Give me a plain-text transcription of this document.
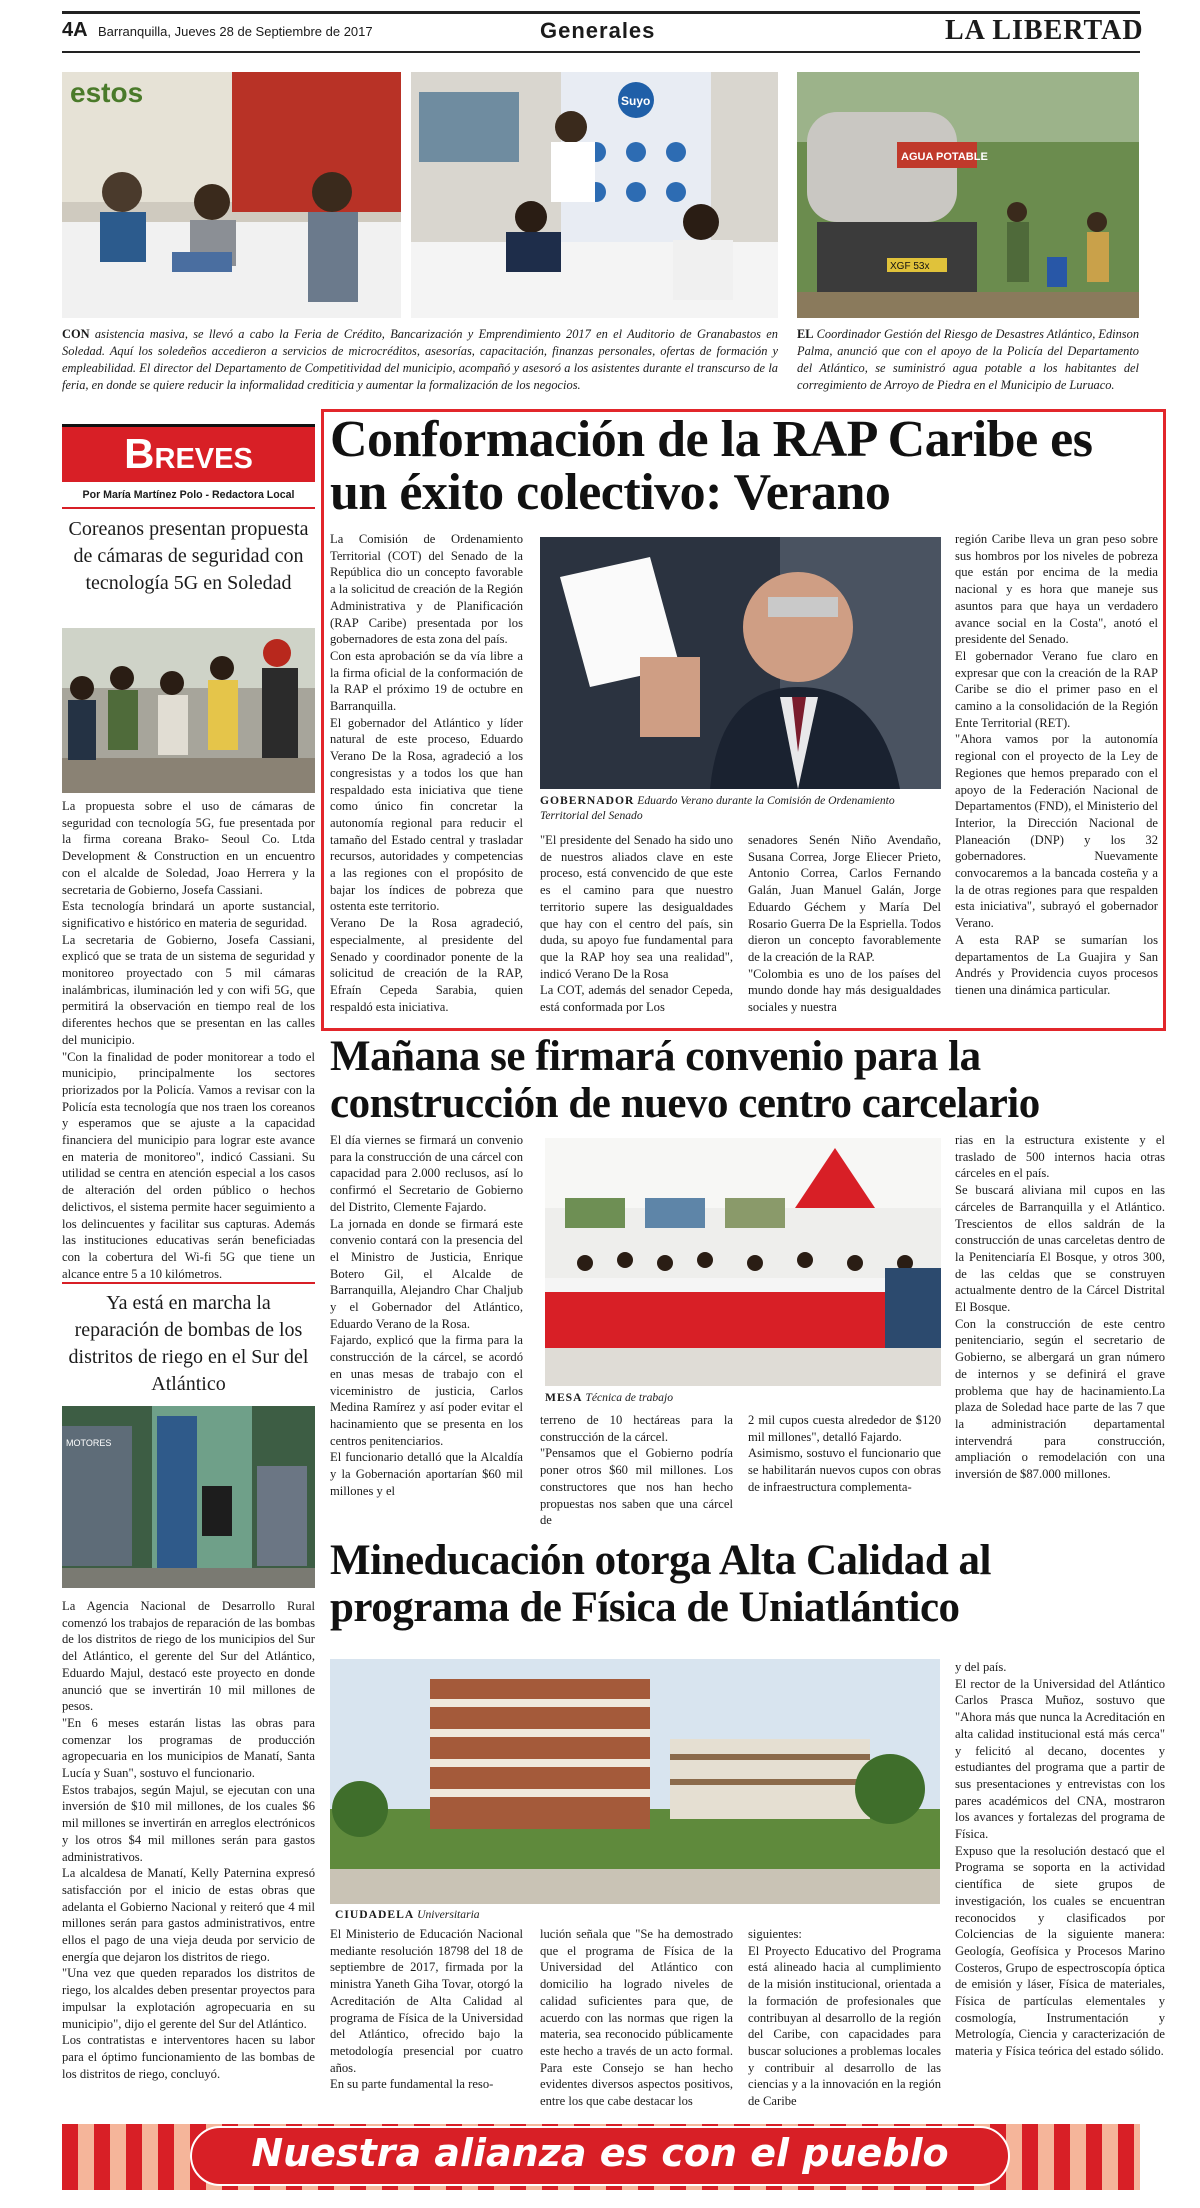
4A Barranquilla, Jueves 28 de Septiembre de 2017	Generales	LA LIBERTAD
estos	Suyo
AGUA POTABLE
XGF 53x
CON asistencia masiva, se llevó a cabo la Feria de Crédito, Bancarización y Emprendimiento 2017 en el Auditorio de Granabastos en Soledad. Aquí los soledeños accedieron a servicios de microcréditos, asesorías, capacitación, finanzas personales, ofertas de formación y empleabilidad. El director del Departamento de Competitividad del municipio, acompañó y asesoró a los asistentes durante el transcurso de la feria, en donde se quiere reducir la informalidad crediticia y aumentar la formalización de los negocios.
EL Coordinador Gestión del Riesgo de Desastres Atlántico, Edinson Palma, anunció que con el apoyo de la Policía del Departamento del Atlántico, se suministró agua potable a los habitantes del corregimiento de Arroyo de Piedra en el Municipio de Luruaco.
Breves
Por María Martínez Polo - Redactora Local
Coreanos presentan propuesta de cámaras de seguridad con tecnología 5G en Soledad
La propuesta sobre el uso de cámaras de seguridad con tecnología 5G, fue presentada por la firma coreana Brako- Seoul Co. Ltda Development & Construction en un encuentro con el alcalde de Soledad, Joao Herrera y la secretaria de Gobierno, Josefa Cassiani.
Esta tecnología brindará un aporte sustancial, significativo e histórico en materia de seguridad.
La secretaria de Gobierno, Josefa Cassiani, explicó que se trata de un sistema de seguridad y monitoreo proyectado con 5 mil cámaras inalámbricas, iluminación led y con wifi 5G, que permitirá la observación en tiempo real de los diferentes hechos que se presentan en las calles del municipio.
"Con la finalidad de poder monitorear a todo el municipio, principalmente los sectores priorizados por la Policía. Vamos a revisar con la Policía esta tecnología que nos traen los coreanos y esperamos que se ajuste a la capacidad financiera del municipio para lograr este avance en materia de monitoreo", indicó Cassiani. Su utilidad se centra en atención especial a los casos de alteración del orden público o hechos delictivos, el sistema permite hacer seguimiento a los delincuentes y facilitar sus capturas. Además las instituciones educativas serán beneficiadas con la cobertura del Wi-fi 5G que tiene un alcance entre 5 a 10 kilómetros.
Ya está en marcha la reparación de bombas de los distritos de riego en el Sur del Atlántico
MOTORES
La Agencia Nacional de Desarrollo Rural comenzó los trabajos de reparación de las bombas de los distritos de riego de los municipios del Sur del Atlántico, el gerente del Sur del Atlántico, Eduardo Majul, destacó este proyecto en donde anunció que se invertirán 10 mil millones de pesos.
"En 6 meses estarán listas las obras para comenzar los programas de producción agropecuaria en los municipios de Manatí, Santa Lucía y Suan", sostuvo el funcionario.
Estos trabajos, según Majul, se ejecutan con una inversión de $10 mil millones, de los cuales $6 mil millones se invertirán en arreglos electrónicos y los otros $4 mil millones serán para gastos administrativos.
La alcaldesa de Manatí, Kelly Paternina expresó satisfacción por el inicio de estas obras que adelanta el Gobierno Nacional y reiteró que 4 mil millones serán para gastos administrativos, entre ellos el pago de una vieja deuda por servicio de energía que dejaron los distritos de riego.
"Una vez que queden reparados los distritos de riego, los alcaldes deben presentar proyectos para impulsar la explotación agropecuaria en su municipio", dijo el gerente del Sur del Atlántico.
Los contratistas e interventores hacen su labor para el óptimo funcionamiento de las bombas de los distritos de riego, concluyó.
Conformación de la RAP Caribe es un éxito colectivo: Verano
La Comisión de Ordenamiento Territorial (COT) del Senado de la República dio un concepto favorable a la solicitud de creación de la Región Administrativa y de Planificación (RAP Caribe) presentada por los gobernadores de esta zona del país.
Con esta aprobación se da vía libre a la firma oficial de la conformación de la RAP el próximo 19 de octubre en Barranquilla.
El gobernador del Atlántico y líder natural de este proceso, Eduardo Verano De la Rosa, agradeció a los congresistas y a todos los que han respaldado esta iniciativa que tiene como único fin concretar la autonomía regional para reducir el tamaño del Estado central y trasladar recursos, autoridades y competencias a las regiones con el propósito de bajar los índices de pobreza que ostenta este territorio.
Verano De la Rosa agradeció, especialmente, al presidente del Senado y coordinador ponente de la solicitud de creación de la RAP, Efraín Cepeda Sarabia, quien respaldó esta iniciativa.
GOBERNADOR Eduardo Verano durante la Comisión de Ordenamiento Territorial del Senado
"El presidente del Senado ha sido uno de nuestros aliados clave en este proceso, está convencido de que este es el camino para que nuestro territorio supere las desigualdades que hay con el centro del país, sin duda, su apoyo fue fundamental para que la RAP hoy sea una realidad", indicó Verano De la Rosa
La COT, además del senador Cepeda, está conformada por Los
senadores Senén Niño Avendaño, Susana Correa, Jorge Eliecer Prieto, Antonio Correa, Carlos Fernando Galán, Juan Manuel Galán, Jorge Eduardo Géchem y María Del Rosario Guerra De la Espriella. Todos dieron un concepto favorablemente de la creación de la RAP.
"Colombia es uno de los países del mundo donde hay más desigualdades sociales y nuestra
región Caribe lleva un gran peso sobre sus hombros por los niveles de pobreza que están por encima de la media nacional y es hora que maneje sus asuntos para que haya un verdadero avance social en la Costa", anotó el presidente del Senado.
El gobernador Verano fue claro en expresar que con la creación de la RAP Caribe se dio el primer paso en el camino a la consolidación de la Región Ente Territorial (RET).
"Ahora vamos por la autonomía regional con el proyecto de la Ley de Regiones que hemos preparado con el apoyo de la Federación Nacional de Departamentos (FND), el Ministerio del Interior, la Dirección Nacional de Planeación (DNP) y los 32 gobernadores. Nuevamente convocaremos a la bancada costeña y a la de otras regiones para que respalden esta iniciativa", subrayó el gobernador Verano.
A esta RAP se sumarían los departamentos de La Guajira y San Andrés y Providencia cuyos procesos tienen una dinámica particular.
Mañana se firmará convenio para la construcción de nuevo centro carcelario
El día viernes se firmará un convenio para la construcción de una cárcel con capacidad para 2.000 reclusos, así lo confirmó el Secretario de Gobierno del Distrito, Clemente Fajardo.
La jornada en donde se firmará este convenio contará con la presencia del el Ministro de Justicia, Enrique Botero Gil, el Alcalde de Barranquilla, Alejandro Char Chaljub y el Gobernador del Atlántico, Eduardo Verano de la Rosa.
Fajardo, explicó que la firma para la construcción de la cárcel, se acordó en unas mesas de trabajo con el viceministro de justicia, Carlos Medina Ramírez y así poder evitar el hacinamiento que se presenta en los centros penitenciarios.
El funcionario detalló que la Alcaldía y la Gobernación aportarían $60 mil millones y el
MESA Técnica de trabajo
terreno de 10 hectáreas para la construcción de la cárcel.
"Pensamos que el Gobierno podría poner otros $60 mil millones. Los constructores que nos han hecho propuestas nos saben que una cárcel de
2 mil cupos cuesta alrededor de $120 mil millones", detalló Fajardo.
Asimismo, sostuvo el funcionario que se habilitarán nuevos cupos con obras de infraestructura complementa-
rias en la estructura existente y el traslado de 500 internos hacia otras cárceles en el país.
Se buscará aliviana mil cupos en las cárceles de Barranquilla y el Atlántico. Trescientos de ellos saldrán de la construcción de unas carceletas dentro de la Penitenciaría El Bosque, y otros 300, de las celdas que se construyen actualmente dentro de la Cárcel Distrital El Bosque.
Con la construcción de este centro penitenciario, según el secretario de Gobierno, se albergará un gran número de internos y se definirá el grave problema que hay de hacinamiento.La plaza de Soledad hace parte de las 7 que la administración departamental intervendrá para construcción, ampliación o remodelación con una inversión de $87.000 millones.
Mineducación otorga Alta Calidad al programa de Física de Uniatlántico
CIUDADELA Universitaria
El Ministerio de Educación Nacional mediante resolución 18798 del 18 de septiembre de 2017, firmada por la ministra Yaneth Giha Tovar, otorgó la Acreditación de Alta Calidad al programa de Física de la Universidad del Atlántico, ofrecido bajo la metodología presencial por cuatro años.
En su parte fundamental la reso-
lución señala que "Se ha demostrado que el programa de Física de la Universidad del Atlántico con domicilio ha logrado niveles de calidad suficientes para que, de acuerdo con las normas que rigen la materia, sea reconocido públicamente este hecho a través de un acto formal. Para este Consejo se han hecho evidentes diversos aspectos positivos, entre los que cabe destacar los
siguientes:
El Proyecto Educativo del Programa está alineado hacia al cumplimiento de la misión institucional, orientada a la formación de profesionales que contribuyan al desarrollo de la región del Caribe, con capacidades para buscar soluciones a problemas locales y contribuir al desarrollo de las ciencias y a la innovación en la región de Caribe
y del país.
El rector de la Universidad del Atlántico Carlos Prasca Muñoz, sostuvo que "Ahora más que nunca la Acreditación en alta calidad institucional está más cerca" y felicitó al decano, docentes y estudiantes del programa que a partir de sus presentaciones y entrevistas con los pares académicos del CNA, mostraron los avances y fortalezas del programa de Física.
Expuso que la resolución destacó que el Programa se soporta en la actividad científica de siete grupos de investigación, los cuales se encuentran reconocidos y clasificados por Colciencias de la siguiente manera: Geología, Geofísica y Procesos Marino Costeros, Grupo de espectroscopía óptica de emisión y láser, Física de materiales, Física de partículas elementales y cosmología, Instrumentación y Metrología, Ciencia y caracterización de materia y Física teórica del estado sólido.
Nuestra alianza es con el pueblo
